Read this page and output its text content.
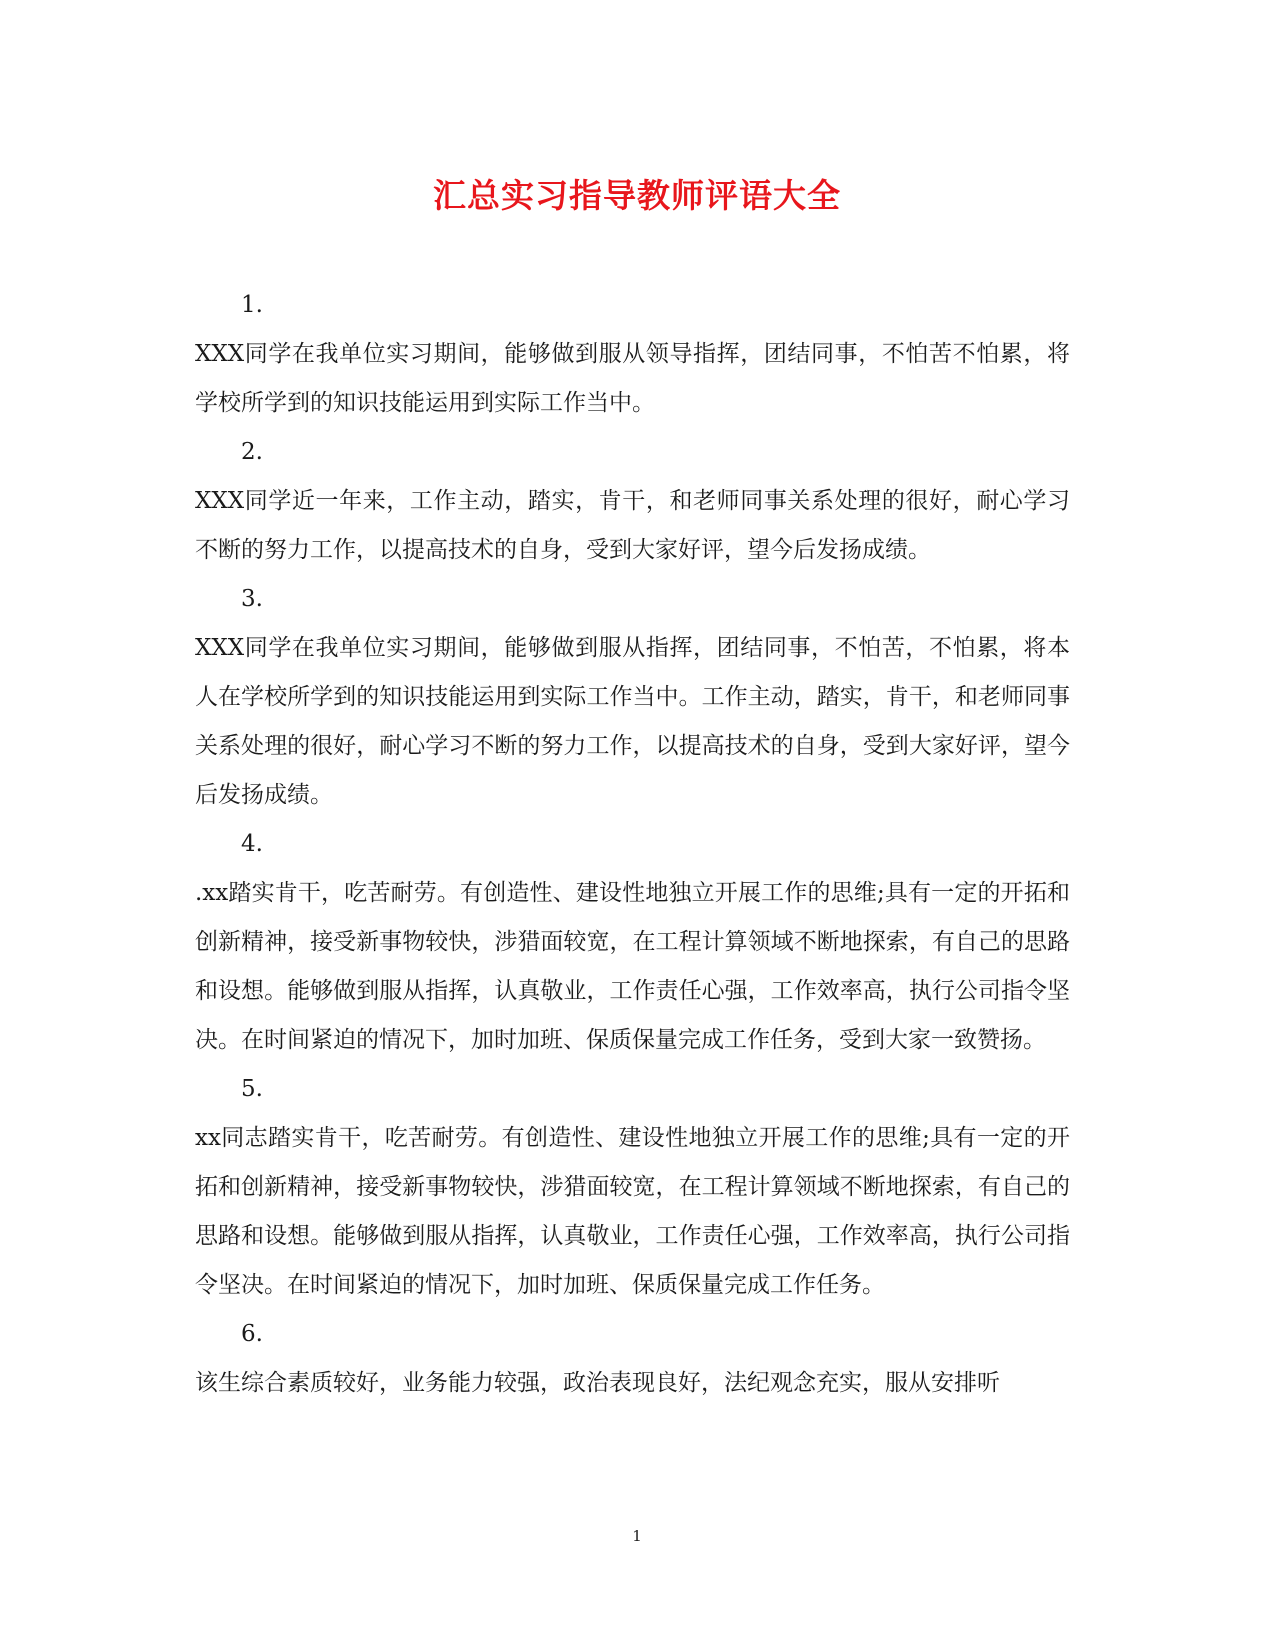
汇总实习指导教师评语大全

1.

XXX同学在我单位实习期间，能够做到服从领导指挥，团结同事，不怕苦不怕累，将学校所学到的知识技能运用到实际工作当中。

2.

XXX同学近一年来，工作主动，踏实，肯干，和老师同事关系处理的很好，耐心学习不断的努力工作，以提高技术的自身，受到大家好评，望今后发扬成绩。

3.

XXX同学在我单位实习期间，能够做到服从指挥，团结同事，不怕苦，不怕累，将本人在学校所学到的知识技能运用到实际工作当中。工作主动，踏实，肯干，和老师同事关系处理的很好，耐心学习不断的努力工作，以提高技术的自身，受到大家好评，望今后发扬成绩。

4.

.xx踏实肯干，吃苦耐劳。有创造性、建设性地独立开展工作的思维;具有一定的开拓和创新精神，接受新事物较快，涉猎面较宽，在工程计算领域不断地探索，有自己的思路和设想。能够做到服从指挥，认真敬业，工作责任心强，工作效率高，执行公司指令坚决。在时间紧迫的情况下，加时加班、保质保量完成工作任务，受到大家一致赞扬。

5.

xx同志踏实肯干，吃苦耐劳。有创造性、建设性地独立开展工作的思维;具有一定的开拓和创新精神，接受新事物较快，涉猎面较宽，在工程计算领域不断地探索，有自己的思路和设想。能够做到服从指挥，认真敬业，工作责任心强，工作效率高，执行公司指令坚决。在时间紧迫的情况下，加时加班、保质保量完成工作任务。

6.

该生综合素质较好，业务能力较强，政治表现良好，法纪观念充实，服从安排听

1
